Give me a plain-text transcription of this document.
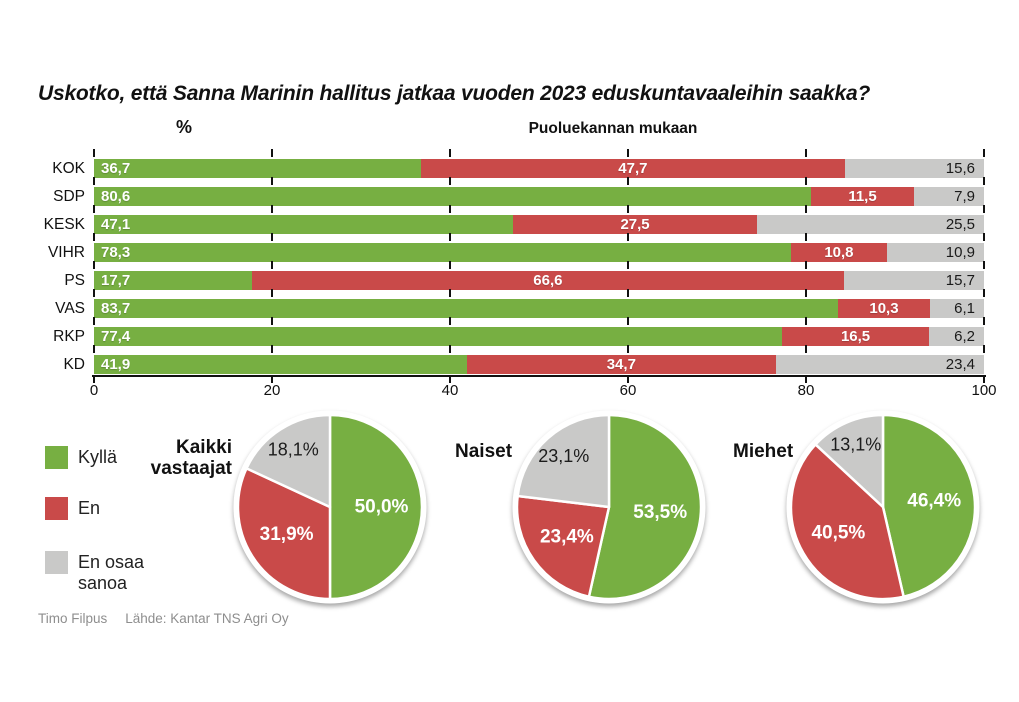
Uskotko, että Sanna Marinin hallitus jatkaa vuoden 2023 eduskuntavaaleihin saakka?
%	Puoluekannan mukaan
KOK	36,7	47,7	15,6
SDP	80,6	11,5	7,9
KESK	47,1	27,5	25,5
VIHR	78,3	10,8	10,9
PS	17,7	66,6	15,7
VAS	83,7	10,3	6,1
RKP	77,4	16,5	6,2
KD	41,9	34,7	23,4
0	20	40	60	80	100
Kyllä
En
En osaa sanoa
Kaikki vastaajat
50,0%
31,9%
18,1%	Naiset
53,5%
23,4%
23,1%	Miehet
46,4%
40,5%
13,1%
Timo Filpus Lähde: Kantar TNS Agri Oy
